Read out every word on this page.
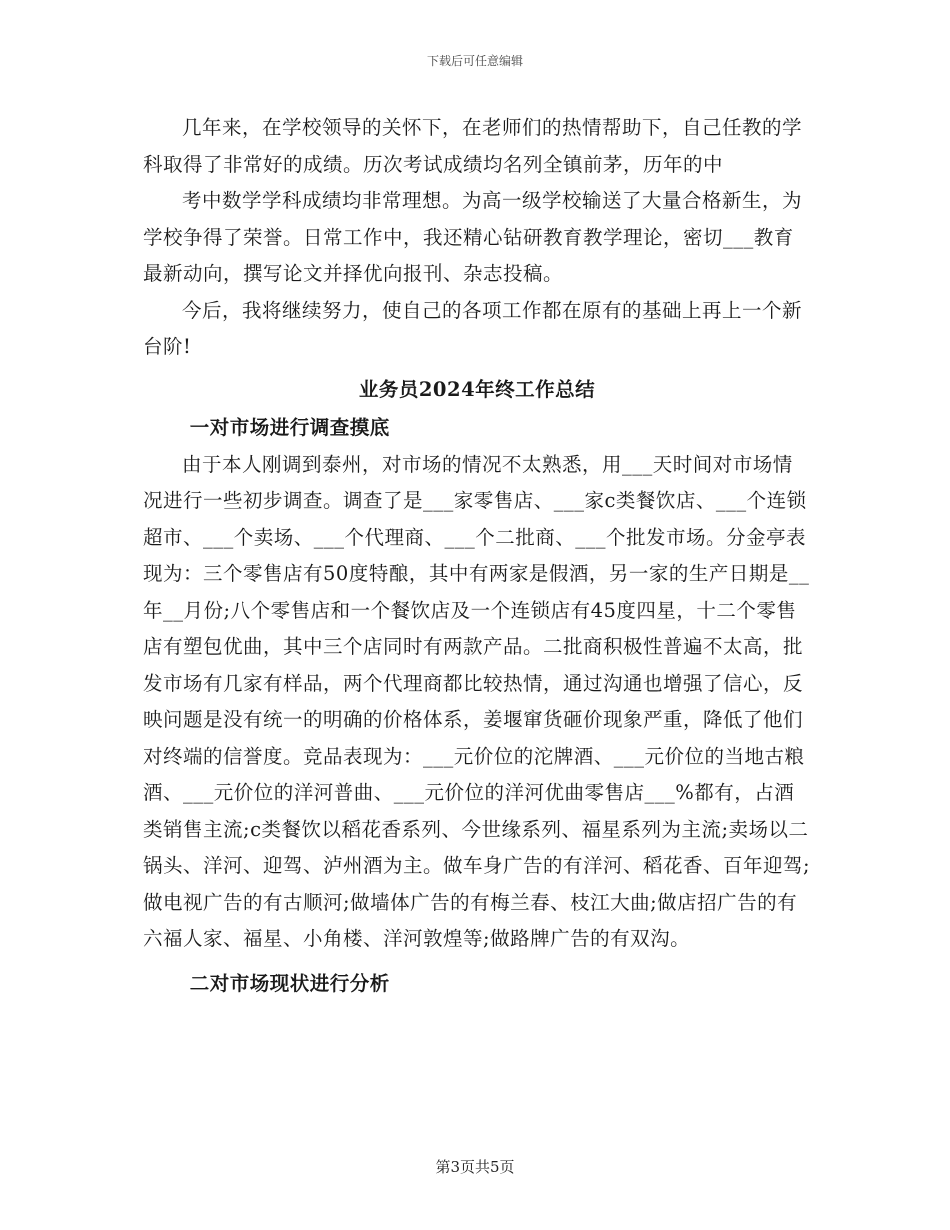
下载后可任意编辑

几年来，在学校领导的关怀下，在老师们的热情帮助下，自己任教的学科取得了非常好的成绩。历次考试成绩均名列全镇前茅，历年的中

考中数学学科成绩均非常理想。为高一级学校输送了大量合格新生，为学校争得了荣誉。日常工作中，我还精心钻研教育教学理论，密切___教育最新动向，撰写论文并择优向报刊、杂志投稿。

今后，我将继续努力，使自己的各项工作都在原有的基础上再上一个新台阶!

业务员2024年终工作总结
一对市场进行调查摸底

由于本人刚调到泰州，对市场的情况不太熟悉，用___天时间对市场情况进行一些初步调查。调查了是___家零售店、___家c类餐饮店、___个连锁超市、___个卖场、___个代理商、___个二批商、___个批发市场。分金亭表现为：三个零售店有50度特酿，其中有两家是假酒，另一家的生产日期是__年__月份;八个零售店和一个餐饮店及一个连锁店有45度四星，十二个零售店有塑包优曲，其中三个店同时有两款产品。二批商积极性普遍不太高，批发市场有几家有样品，两个代理商都比较热情，通过沟通也增强了信心，反映问题是没有统一的明确的价格体系，姜堰窜货砸价现象严重，降低了他们对终端的信誉度。竞品表现为：___元价位的沱牌酒、___元价位的当地古粮酒、___元价位的洋河普曲、___元价位的洋河优曲零售店___%都有，占酒类销售主流;c类餐饮以稻花香系列、今世缘系列、福星系列为主流;卖场以二锅头、洋河、迎驾、泸州酒为主。做车身广告的有洋河、稻花香、百年迎驾;做电视广告的有古顺河;做墙体广告的有梅兰春、枝江大曲;做店招广告的有六福人家、福星、小角楼、洋河敦煌等;做路牌广告的有双沟。

二对市场现状进行分析
第3页共5页
